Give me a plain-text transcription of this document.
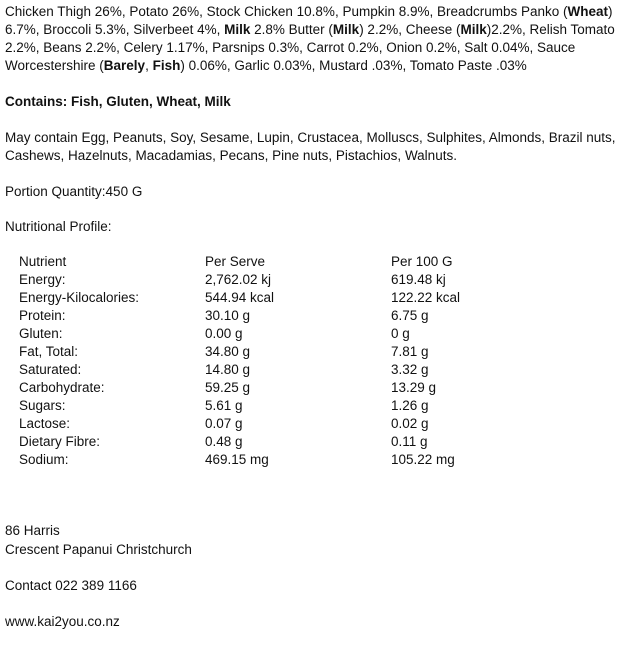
Chicken Thigh 26%, Potato 26%, Stock Chicken 10.8%, Pumpkin 8.9%, Breadcrumbs Panko (Wheat) 6.7%, Broccoli 5.3%, Silverbeet 4%, Milk 2.8% Butter (Milk) 2.2%, Cheese (Milk)2.2%, Relish Tomato 2.2%, Beans 2.2%, Celery 1.17%, Parsnips 0.3%, Carrot 0.2%, Onion 0.2%, Salt 0.04%, Sauce Worcestershire (Barely, Fish) 0.06%, Garlic 0.03%, Mustard .03%, Tomato Paste .03%

Contains: Fish, Gluten, Wheat, Milk

May contain Egg, Peanuts, Soy, Sesame, Lupin, Crustacea, Molluscs, Sulphites, Almonds, Brazil nuts, Cashews, Hazelnuts, Macadamias, Pecans, Pine nuts, Pistachios, Walnuts.

Portion Quantity:450 G

Nutritional Profile:

Nutrient	Per Serve	Per 100 G
Energy:	2,762.02 kj	619.48 kj
Energy-Kilocalories:	544.94 kcal	122.22 kcal
Protein:	30.10 g	6.75 g
Gluten:	0.00 g	0 g
Fat, Total:	34.80 g	7.81 g
Saturated:	14.80 g	3.32 g
Carbohydrate:	59.25 g	13.29 g
Sugars:	5.61 g	1.26 g
Lactose:	0.07 g	0.02 g
Dietary Fibre:	0.48 g	0.11 g
Sodium:	469.15 mg	105.22 mg

86 Harris

Crescent Papanui Christchurch

Contact 022 389 1166

www.kai2you.co.nz
